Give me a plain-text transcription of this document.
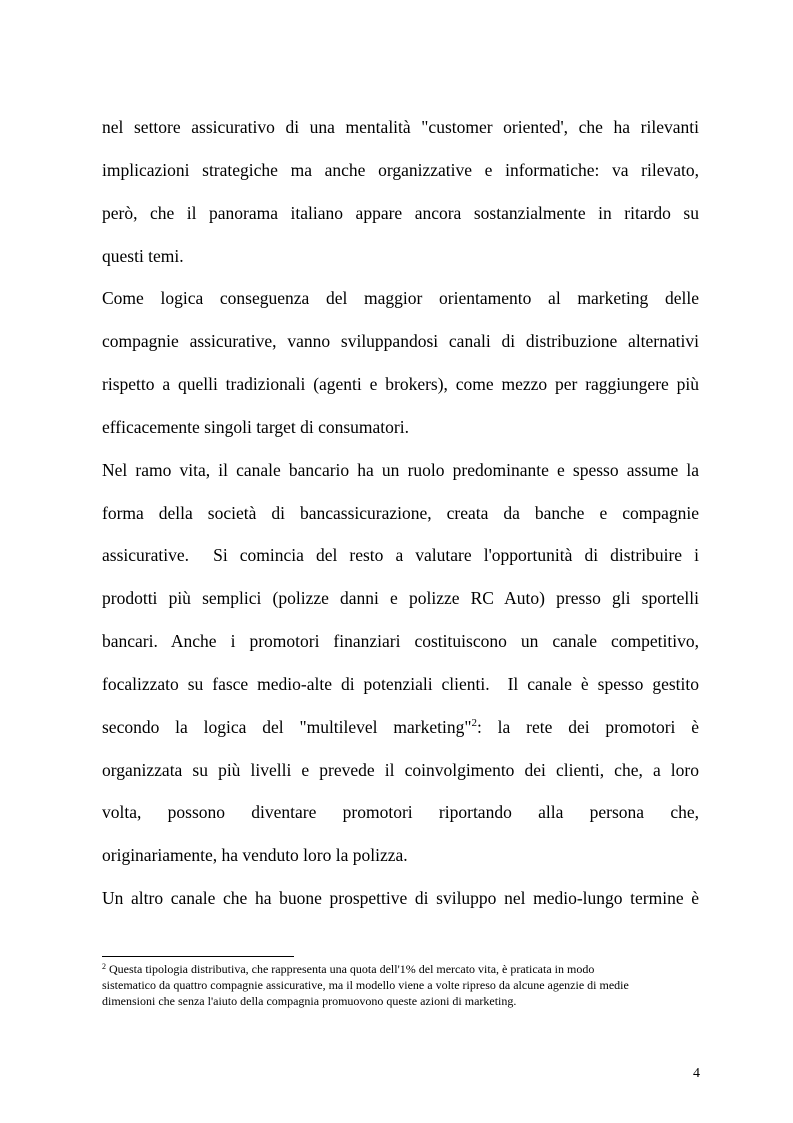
nel settore assicurativo di una mentalità "customer oriented', che ha rilevanti
implicazioni strategiche ma anche organizzative e informatiche: va rilevato,
però, che il panorama italiano appare ancora sostanzialmente in ritardo su
questi temi.
Come logica conseguenza del maggior orientamento al marketing delle
compagnie assicurative, vanno sviluppandosi canali di distribuzione alternativi
rispetto a quelli tradizionali (agenti e brokers), come mezzo per raggiungere più
efficacemente singoli target di consumatori.
Nel ramo vita, il canale bancario ha un ruolo predominante e spesso assume la
forma della società di bancassicurazione, creata da banche e compagnie
assicurative.  Si comincia del resto a valutare l'opportunità di distribuire i
prodotti più semplici (polizze danni e polizze RC Auto) presso gli sportelli
bancari. Anche i promotori finanziari costituiscono un canale competitivo,
focalizzato su fasce medio-alte di potenziali clienti.  Il canale è spesso gestito
secondo la logica del "multilevel marketing"$^2$: la rete dei promotori è
organizzata su più livelli e prevede il coinvolgimento dei clienti, che, a loro
volta, possono diventare promotori riportando alla persona che,
originariamente, ha venduto loro la polizza.
Un altro canale che ha buone prospettive di sviluppo nel medio-lungo termine è
$^2$ Questa tipologia distributiva, che rappresenta una quota dell'1% del mercato vita, è praticata in modo
sistematico da quattro compagnie assicurative, ma il modello viene a volte ripreso da alcune agenzie di medie
dimensioni che senza l'aiuto della compagnia promuovono queste azioni di marketing.
4
